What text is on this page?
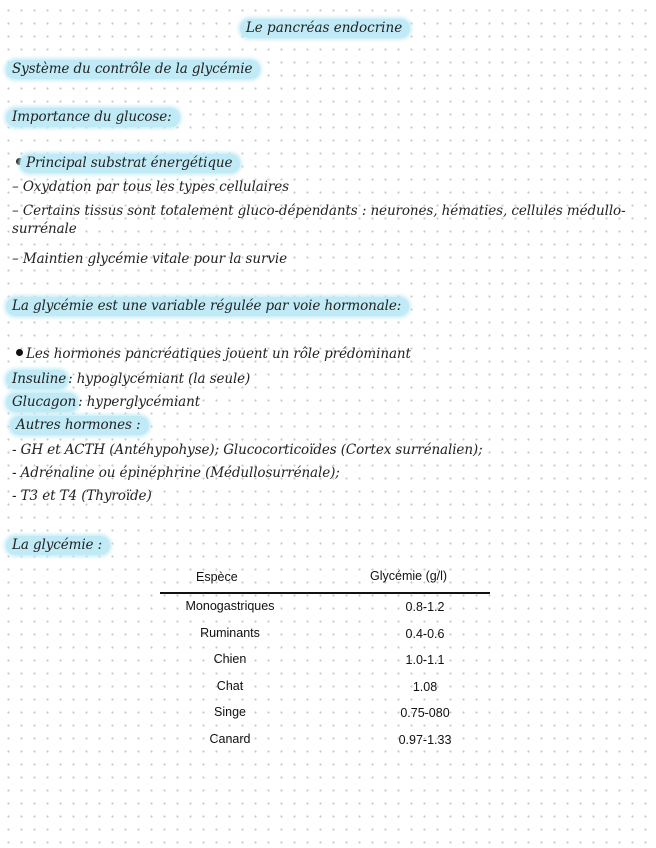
Le pancréas endocrine
Système du contrôle de la glycémie
Importance du glucose:
Principal substrat énergétique
– Oxydation par tous les types cellulaires
– Certains tissus sont totalement gluco-dépendants : neurones, hématies, cellules médullo-surrénale
– Maintien glycémie vitale pour la survie
La glycémie est une variable régulée par voie hormonale:
Les hormones pancréatiques jouent un rôle prédominant
Insuline : hypoglycémiant (la seule)
Glucagon : hyperglycémiant
Autres hormones :
- GH et ACTH (Antéhypohyse); Glucocorticoïdes (Cortex surrénalien);
- Adrénaline ou épinéphrine (Médullosurrénale);
- T3 et T4 (Thyroïde)
La glycémie :
Espèce	Glycémie (g/l)
Monogastriques	0.8-1.2
Ruminants	0.4-0.6
Chien	1.0-1.1
Chat	1.08
Singe	0.75-080
Canard	0.97-1.33
